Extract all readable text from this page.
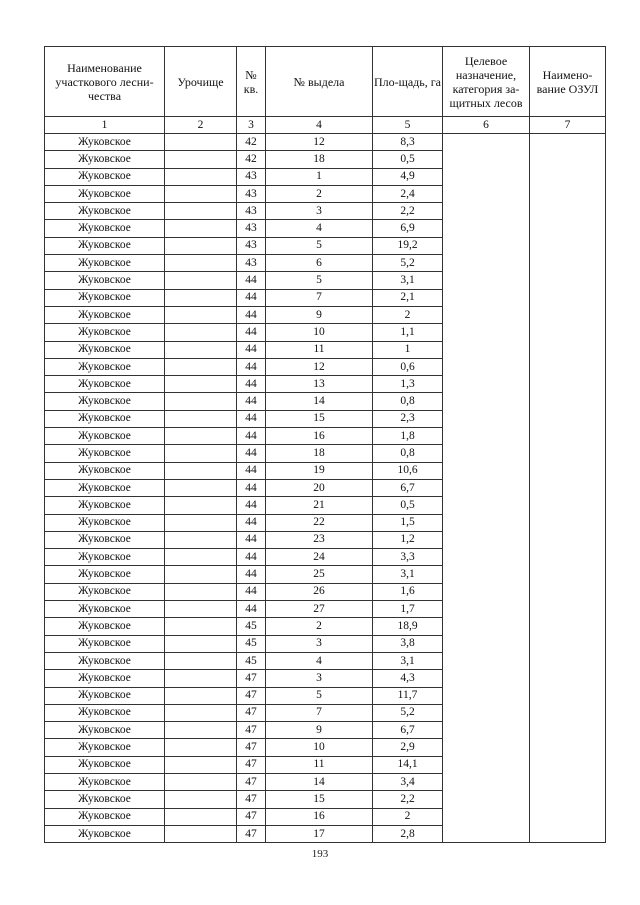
Наименование участкового лесни-чества	Урочище	№ кв.	№ выдела	Пло-щадь, га	Целевое назначение, категория за-щитных лесов	Наимено-вание ОЗУЛ
1	2	3	4	5	6	7
Жуковское		42	12	8,3		
Жуковское		42	18	0,5		
Жуковское		43	1	4,9		
Жуковское		43	2	2,4		
Жуковское		43	3	2,2		
Жуковское		43	4	6,9		
Жуковское		43	5	19,2		
Жуковское		43	6	5,2		
Жуковское		44	5	3,1		
Жуковское		44	7	2,1		
Жуковское		44	9	2		
Жуковское		44	10	1,1		
Жуковское		44	11	1		
Жуковское		44	12	0,6		
Жуковское		44	13	1,3		
Жуковское		44	14	0,8		
Жуковское		44	15	2,3		
Жуковское		44	16	1,8		
Жуковское		44	18	0,8		
Жуковское		44	19	10,6		
Жуковское		44	20	6,7		
Жуковское		44	21	0,5		
Жуковское		44	22	1,5		
Жуковское		44	23	1,2		
Жуковское		44	24	3,3		
Жуковское		44	25	3,1		
Жуковское		44	26	1,6		
Жуковское		44	27	1,7		
Жуковское		45	2	18,9		
Жуковское		45	3	3,8		
Жуковское		45	4	3,1		
Жуковское		47	3	4,3		
Жуковское		47	5	11,7		
Жуковское		47	7	5,2		
Жуковское		47	9	6,7		
Жуковское		47	10	2,9		
Жуковское		47	11	14,1		
Жуковское		47	14	3,4		
Жуковское		47	15	2,2		
Жуковское		47	16	2		
Жуковское		47	17	2,8		
193
